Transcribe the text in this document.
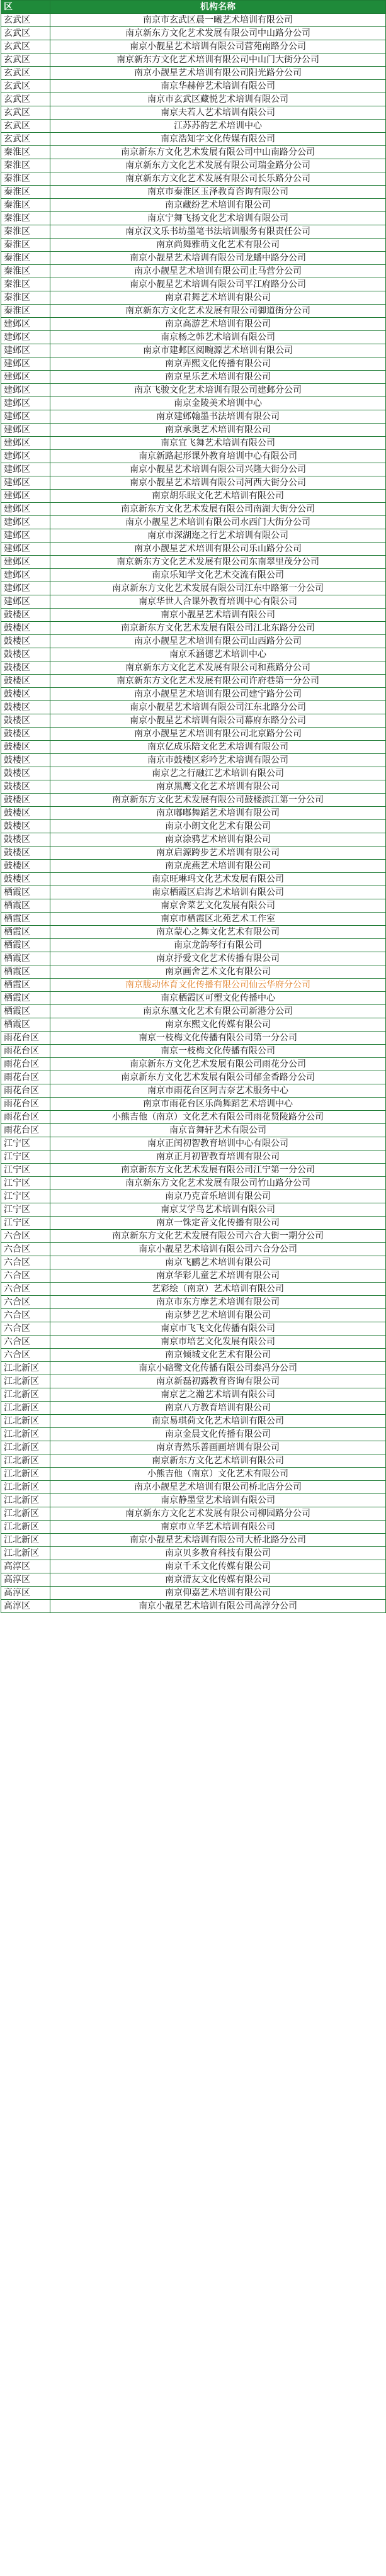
区	机构名称
玄武区	南京市玄武区晨一曦艺术培训有限公司
玄武区	南京新东方文化艺术发展有限公司中山路分公司
玄武区	南京小靓星艺术培训有限公司营苑南路分公司
玄武区	南京新东方文化艺术培训有限公司中山门大街分公司
玄武区	南京小靓星艺术培训有限公司阳光路分公司
玄武区	南京华赫停艺术培训有限公司
玄武区	南京市玄武区藏悦艺术培训有限公司
玄武区	南京夫若人艺术培训有限公司
玄武区	江苏苏韵艺术培训中心
玄武区	南京浩知字文化传媒有限公司
秦淮区	南京新东方文化艺术发展有限公司中山南路分公司
秦淮区	南京新东方文化艺术发展有限公司瑞金路分公司
秦淮区	南京新东方文化艺术发展有限公司长乐路分公司
秦淮区	南京市秦淮区玉泽教育咨询有限公司
秦淮区	南京藏纷艺术培训有限公司
秦淮区	南京宁舞飞扬文化艺术培训有限公司
秦淮区	南京汉文乐书坊墨笔书法培训服务有限责任公司
秦淮区	南京尚舞雅萌文化艺术有限公司
秦淮区	南京小靓星艺术培训有限公司龙蟠中路分公司
秦淮区	南京小靓星艺术培训有限公司止马营分公司
秦淮区	南京小靓星艺术培训有限公司平江府路分公司
秦淮区	南京君舞艺术培训有限公司
秦淮区	南京新东方文化艺术发展有限公司御道街分公司
建邺区	南京高游艺术培训有限公司
建邺区	南京杨之韩艺术培训有限公司
建邺区	南京市建邺区阅畹源艺术培训有限公司
建邺区	南京弄熙文化传播有限公司
建邺区	南京星乐艺术培训有限公司
建邺区	南京飞骏文化艺术培训有限公司建邺分公司
建邺区	南京金陵美术培训中心
建邺区	南京建邺翰墨书法培训有限公司
建邺区	南京承奥艺术培训有限公司
建邺区	南京宜飞舞艺术培训有限公司
建邺区	南京新路起形课外教育培训中心有限公司
建邺区	南京小靓星艺术培训有限公司兴隆大街分公司
建邺区	南京小靓星艺术培训有限公司河西大街分公司
建邺区	南京胡乐眠文化艺术培训有限公司
建邺区	南京新东方文化艺术发展有限公司南湖大街分公司
建邺区	南京小靓星艺术培训有限公司水西门大街分公司
建邺区	南京市深湖迩之行艺术培训有限公司
建邺区	南京小靓星艺术培训有限公司乐山路分公司
建邺区	南京新东方文化艺术发展有限公司东南翠里茂分公司
建邺区	南京乐知学文化艺术交流有限公司
建邺区	南京新东方文化艺术发展有限公司江东中路第一分公司
建邺区	南京华世人合课外教育培训中心有限公司
鼓楼区	南京小靓星艺术培训有限公司
鼓楼区	南京新东方文化艺术发展有限公司江北东路分公司
鼓楼区	南京小靓星艺术培训有限公司山西路分公司
鼓楼区	南京禾涵德艺术培训中心
鼓楼区	南京新东方文化艺术发展有限公司和燕路分公司
鼓楼区	南京新东方文化艺术发展有限公司许府巷第一分公司
鼓楼区	南京小靓星艺术培训有限公司建宁路分公司
鼓楼区	南京小靓星艺术培训有限公司江东北路分公司
鼓楼区	南京小靓星艺术培训有限公司幕府东路分公司
鼓楼区	南京小靓星艺术培训有限公司北京路分公司
鼓楼区	南京亿成乐陪文化艺术培训有限公司
鼓楼区	南京市鼓楼区彩吟艺术培训有限公司
鼓楼区	南京艺之行融江艺术培训有限公司
鼓楼区	南京黑鹰文化艺术培训有限公司
鼓楼区	南京新东方文化艺术发展有限公司鼓楼滨江第一分公司
鼓楼区	南京嘟嘟舞蹈艺术培训有限公司
鼓楼区	南京小朗文化艺术有限公司
鼓楼区	南京涂鸦艺术培训有限公司
鼓楼区	南京启源跨步艺术培训有限公司
鼓楼区	南京虎燕艺术培训有限公司
鼓楼区	南京旺琳玛文化艺术发展有限公司
栖霞区	南京栖霞区启海艺术培训有限公司
栖霞区	南京舍菜艺文化发展有限公司
栖霞区	南京市栖霞区北苑艺术工作室
栖霞区	南京蒙心之舞文化艺术有限公司
栖霞区	南京龙韵琴行有限公司
栖霞区	南京抒爱文化艺术传播有限公司
栖霞区	南京画舍艺术文化有限公司
栖霞区	南京胧动体育文化传播有限公司仙云华府分公司
栖霞区	南京栖霞区可塑文化传播中心
栖霞区	南京东凰文化艺术有限公司新港分公司
栖霞区	南京东熙文化传媒有限公司
雨花台区	南京一枝梅文化传播有限公司第一分公司
雨花台区	南京一枝梅文化传播有限公司
雨花台区	南京新东方文化艺术发展有限公司雨花分公司
雨花台区	南京新东方文化艺术发展有限公司郁金香路分公司
雨花台区	南京市雨花台区阿吉奈艺术服务中心
雨花台区	南京市雨花台区乐尚舞蹈艺术培训中心
雨花台区	小熊吉他（南京）文化艺术有限公司雨花贤陵路分公司
雨花台区	南京音舞轩艺术有限公司
江宁区	南京正闰初智教育培训中心有限公司
江宁区	南京正月初智教育培训有限公司
江宁区	南京新东方文化艺术发展有限公司江宁第一分公司
江宁区	南京新东方文化艺术发展有限公司竹山路分公司
江宁区	南京乃克音乐培训有限公司
江宁区	南京艾学鸟艺术培训有限公司
江宁区	南京一铢定音文化传播有限公司
六合区	南京新东方文化艺术发展有限公司六合大街一期分公司
六合区	南京小靓星艺术培训有限公司六合分公司
六合区	南京飞鹂艺术培训有限公司
六合区	南京华彩儿童艺术培训有限公司
六合区	艺彩绘（南京）艺术培训有限公司
六合区	南京市东方摩艺术培训有限公司
六合区	南京梦艺艺术培训有限公司
六合区	南京市飞飞文化传播有限公司
六合区	南京市培艺文化发展有限公司
六合区	南京倾城文化艺术有限公司
江北新区	南京小碚鹭文化传播有限公司泰冯分公司
江北新区	南京新磊初露教育咨询有限公司
江北新区	南京艺之瀚艺术培训有限公司
江北新区	南京八方教育培训有限公司
江北新区	南京易琪荷文化艺术培训有限公司
江北新区	南京金晨文化传播有限公司
江北新区	南京青然乐善画画培训有限公司
江北新区	南京新东方文化艺术培训有限公司
江北新区	小熊吉他（南京）文化艺术有限公司
江北新区	南京小靓星艺术培训有限公司桥北店分公司
江北新区	南京静墨堂艺术培训有限公司
江北新区	南京新东方文化艺术发展有限公司柳园路分公司
江北新区	南京市立华艺术培训有限公司
江北新区	南京小靓星艺术培训有限公司大桥北路分公司
江北新区	南京贝多教育科技有限公司
高淳区	南京千禾文化传媒有限公司
高淳区	南京清友文化传媒有限公司
高淳区	南京仰嘉艺术培训有限公司
高淳区	南京小靓星艺术培训有限公司高淳分公司
